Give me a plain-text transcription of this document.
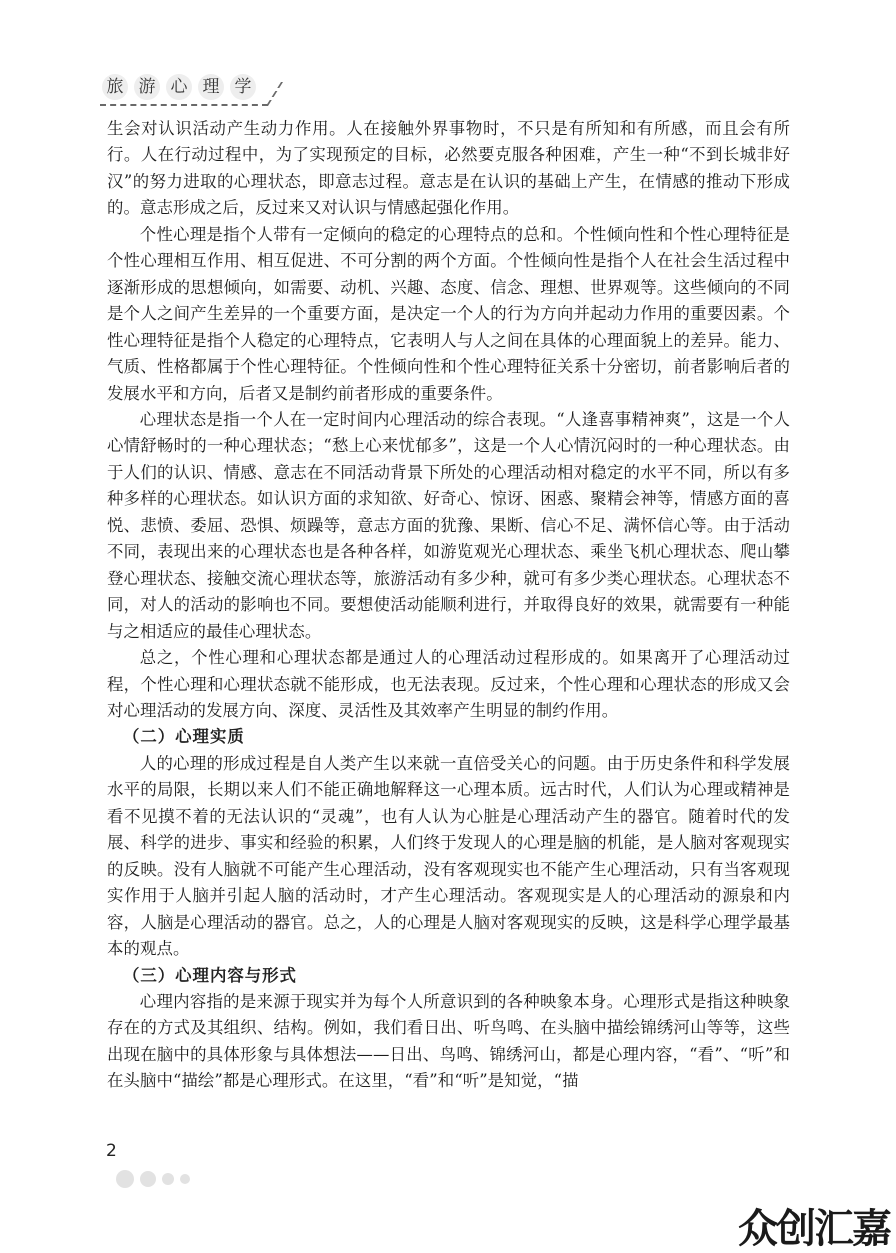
旅 游 心 理 学

生会对认识活动产生动力作用。人在接触外界事物时，不只是有所知和有所感，而且会有所行。人在行动过程中，为了实现预定的目标，必然要克服各种困难，产生一种“不到长城非好汉”的努力进取的心理状态，即意志过程。意志是在认识的基础上产生，在情感的推动下形成的。意志形成之后，反过来又对认识与情感起强化作用。

个性心理是指个人带有一定倾向的稳定的心理特点的总和。个性倾向性和个性心理特征是个性心理相互作用、相互促进、不可分割的两个方面。个性倾向性是指个人在社会生活过程中逐渐形成的思想倾向，如需要、动机、兴趣、态度、信念、理想、世界观等。这些倾向的不同是个人之间产生差异的一个重要方面，是决定一个人的行为方向并起动力作用的重要因素。个性心理特征是指个人稳定的心理特点，它表明人与人之间在具体的心理面貌上的差异。能力、气质、性格都属于个性心理特征。个性倾向性和个性心理特征关系十分密切，前者影响后者的发展水平和方向，后者又是制约前者形成的重要条件。

心理状态是指一个人在一定时间内心理活动的综合表现。“人逢喜事精神爽”，这是一个人心情舒畅时的一种心理状态；“愁上心来忧郁多”，这是一个人心情沉闷时的一种心理状态。由于人们的认识、情感、意志在不同活动背景下所处的心理活动相对稳定的水平不同，所以有多种多样的心理状态。如认识方面的求知欲、好奇心、惊讶、困惑、聚精会神等，情感方面的喜悦、悲愤、委屈、恐惧、烦躁等，意志方面的犹豫、果断、信心不足、满怀信心等。由于活动不同，表现出来的心理状态也是各种各样，如游览观光心理状态、乘坐飞机心理状态、爬山攀登心理状态、接触交流心理状态等，旅游活动有多少种，就可有多少类心理状态。心理状态不同，对人的活动的影响也不同。要想使活动能顺利进行，并取得良好的效果，就需要有一种能与之相适应的最佳心理状态。

总之，个性心理和心理状态都是通过人的心理活动过程形成的。如果离开了心理活动过程，个性心理和心理状态就不能形成，也无法表现。反过来，个性心理和心理状态的形成又会对心理活动的发展方向、深度、灵活性及其效率产生明显的制约作用。

（二）心理实质

人的心理的形成过程是自人类产生以来就一直倍受关心的问题。由于历史条件和科学发展水平的局限，长期以来人们不能正确地解释这一心理本质。远古时代，人们认为心理或精神是看不见摸不着的无法认识的“灵魂”，也有人认为心脏是心理活动产生的器官。随着时代的发展、科学的进步、事实和经验的积累，人们终于发现人的心理是脑的机能，是人脑对客观现实的反映。没有人脑就不可能产生心理活动，没有客观现实也不能产生心理活动，只有当客观现实作用于人脑并引起人脑的活动时，才产生心理活动。客观现实是人的心理活动的源泉和内容，人脑是心理活动的器官。总之，人的心理是人脑对客观现实的反映，这是科学心理学最基本的观点。

（三）心理内容与形式

心理内容指的是来源于现实并为每个人所意识到的各种映象本身。心理形式是指这种映象存在的方式及其组织、结构。例如，我们看日出、听鸟鸣、在头脑中描绘锦绣河山等等，这些出现在脑中的具体形象与具体想法——日出、鸟鸣、锦绣河山，都是心理内容，“看”、“听”和在头脑中“描绘”都是心理形式。在这里，“看”和“听”是知觉，“描

2
众创汇嘉
